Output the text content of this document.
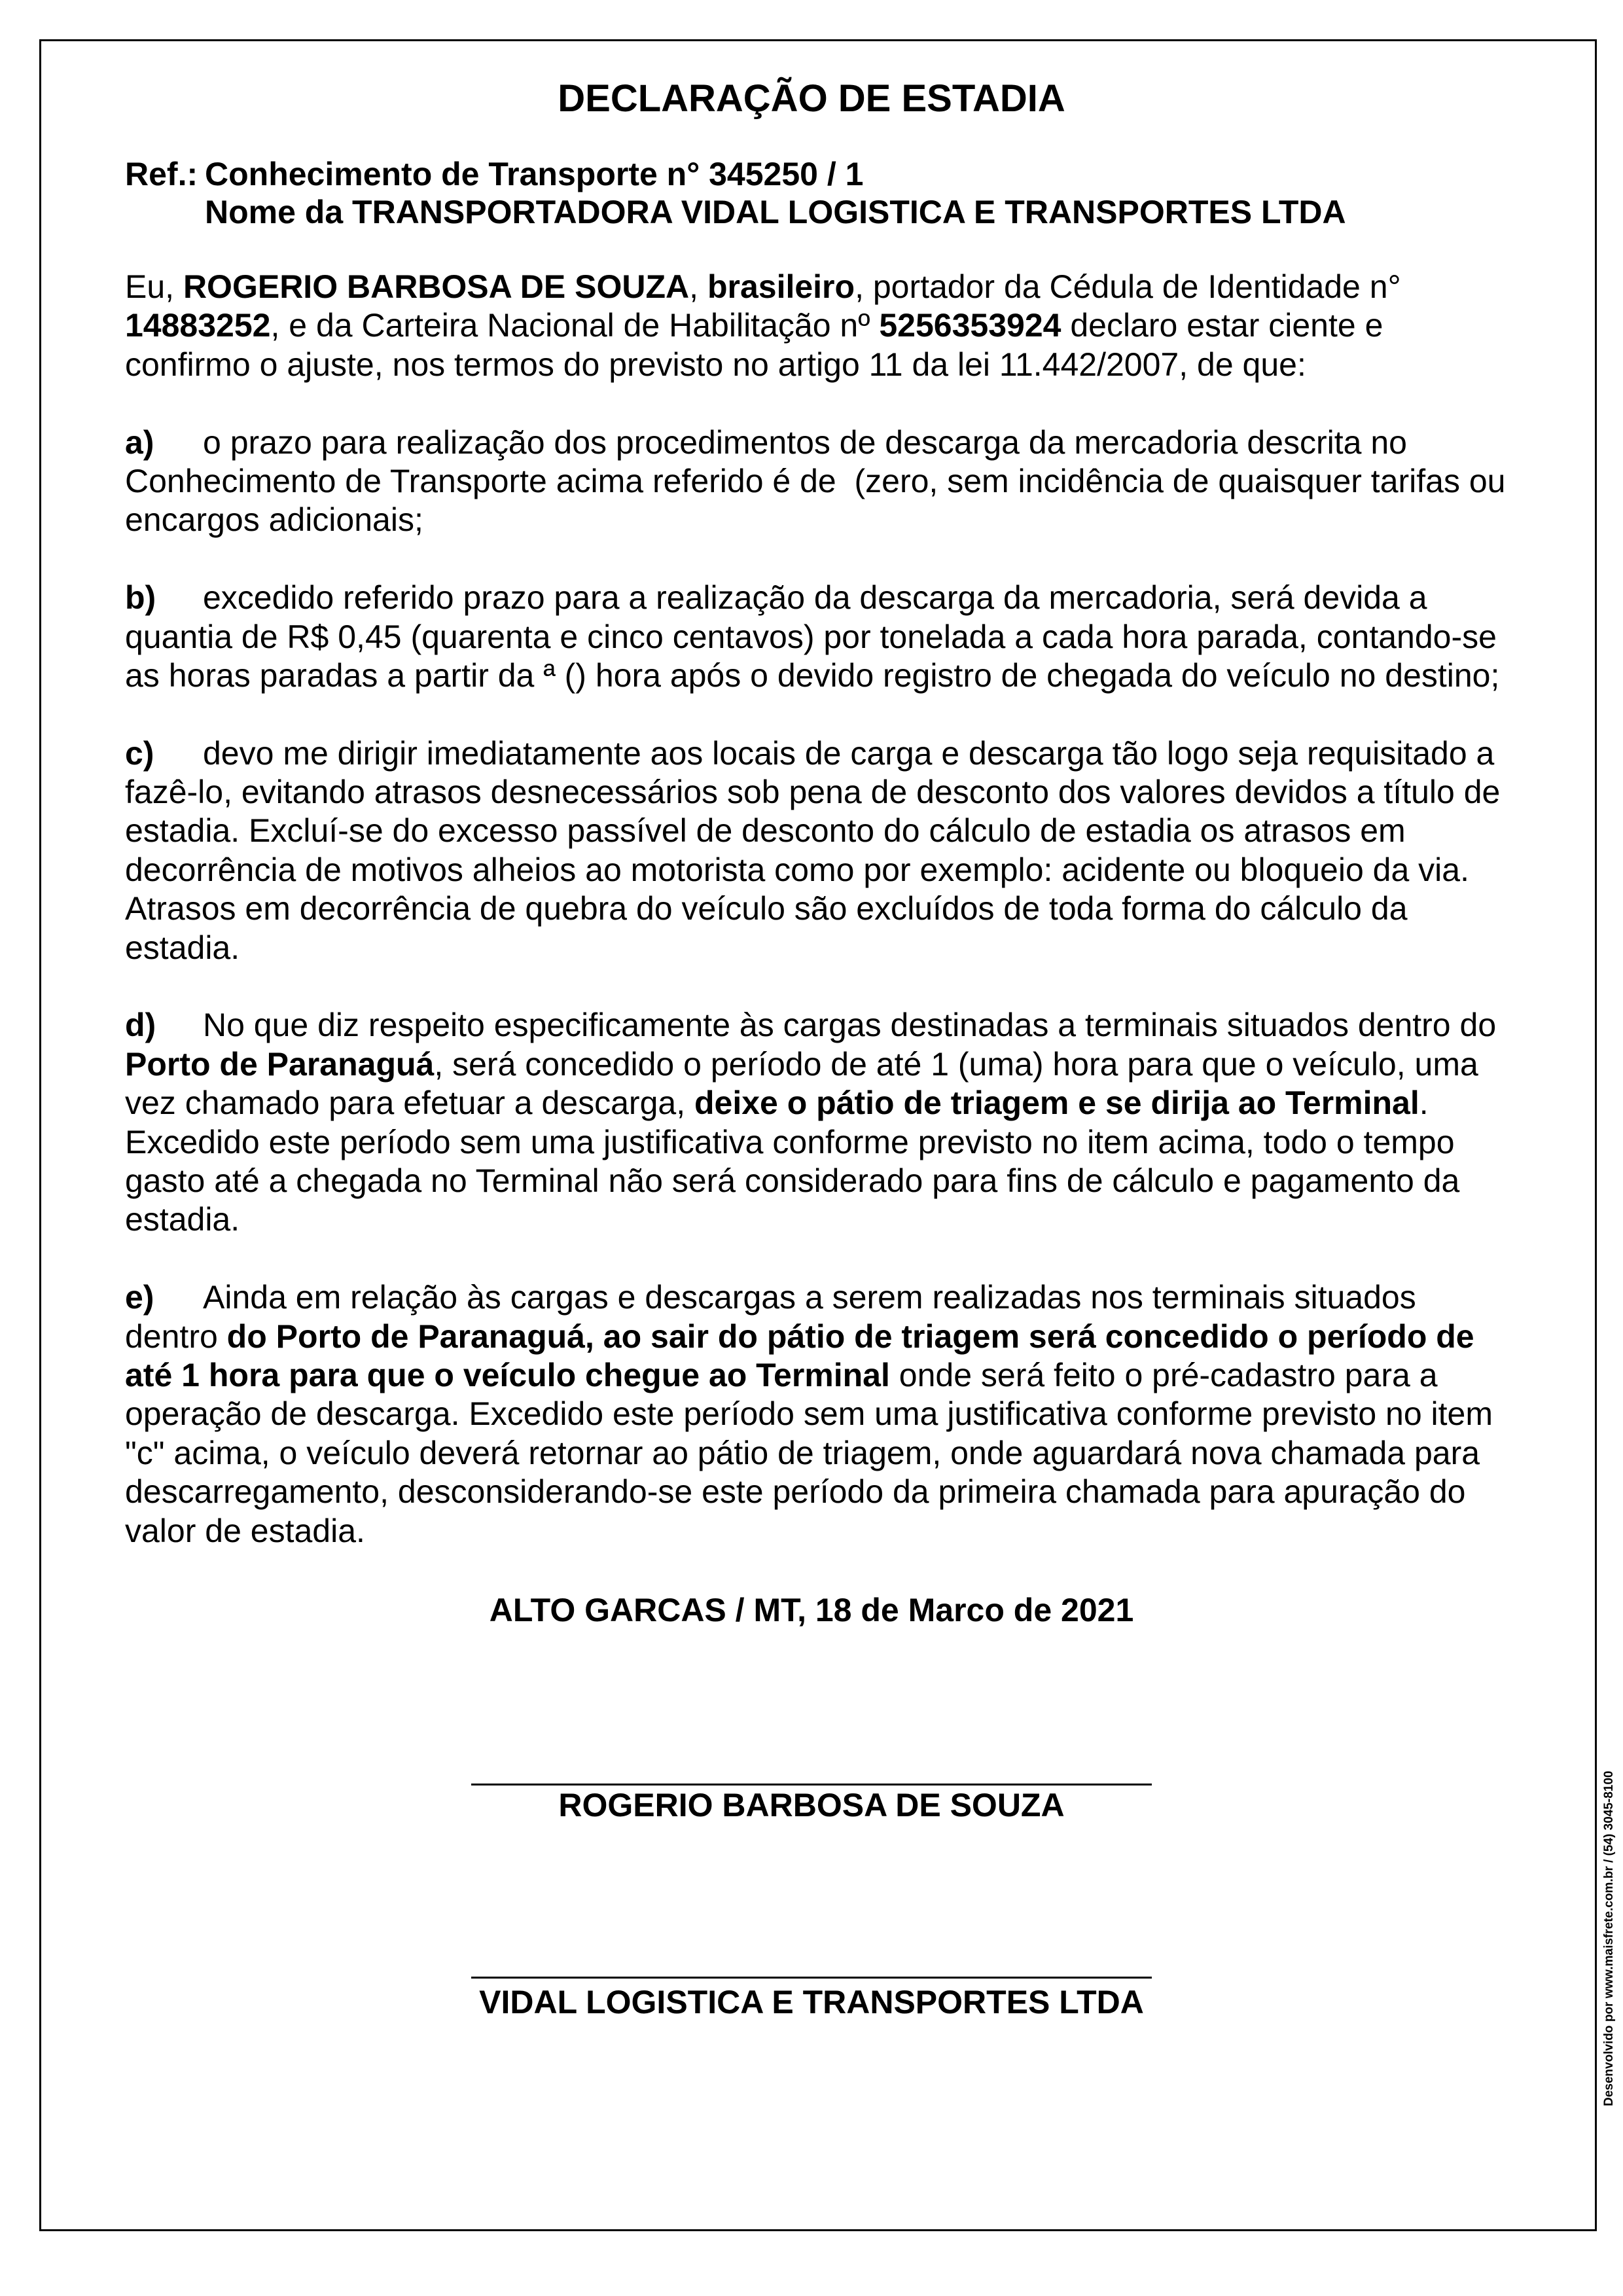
DECLARAÇÃO DE ESTADIA
Ref.: Conhecimento de Transporte n° 345250 / 1
Nome da TRANSPORTADORA VIDAL LOGISTICA E TRANSPORTES LTDA
Eu, ROGERIO BARBOSA DE SOUZA, brasileiro, portador da Cédula de Identidade n°
14883252, e da Carteira Nacional de Habilitação nº 5256353924 declaro estar ciente e
confirmo o ajuste, nos termos do previsto no artigo 11 da lei 11.442/2007, de que:
a) o prazo para realização dos procedimentos de descarga da mercadoria descrita no
Conhecimento de Transporte acima referido é de  (zero, sem incidência de quaisquer tarifas ou
encargos adicionais;
b) excedido referido prazo para a realização da descarga da mercadoria, será devida a
quantia de R$ 0,45 (quarenta e cinco centavos) por tonelada a cada hora parada, contando-se
as horas paradas a partir da ª () hora após o devido registro de chegada do veículo no destino;
c) devo me dirigir imediatamente aos locais de carga e descarga tão logo seja requisitado a
fazê-lo, evitando atrasos desnecessários sob pena de desconto dos valores devidos a título de
estadia. Excluí-se do excesso passível de desconto do cálculo de estadia os atrasos em
decorrência de motivos alheios ao motorista como por exemplo: acidente ou bloqueio da via.
Atrasos em decorrência de quebra do veículo são excluídos de toda forma do cálculo da
estadia.
d) No que diz respeito especificamente às cargas destinadas a terminais situados dentro do
Porto de Paranaguá, será concedido o período de até 1 (uma) hora para que o veículo, uma
vez chamado para efetuar a descarga, deixe o pátio de triagem e se dirija ao Terminal.
Excedido este período sem uma justificativa conforme previsto no item acima, todo o tempo
gasto até a chegada no Terminal não será considerado para fins de cálculo e pagamento da
estadia.
e) Ainda em relação às cargas e descargas a serem realizadas nos terminais situados
dentro do Porto de Paranaguá, ao sair do pátio de triagem será concedido o período de
até 1 hora para que o veículo chegue ao Terminal onde será feito o pré-cadastro para a
operação de descarga. Excedido este período sem uma justificativa conforme previsto no item
"c" acima, o veículo deverá retornar ao pátio de triagem, onde aguardará nova chamada para
descarregamento, desconsiderando-se este período da primeira chamada para apuração do
valor de estadia.
ALTO GARCAS / MT, 18 de Marco de 2021
ROGERIO BARBOSA DE SOUZA
VIDAL LOGISTICA E TRANSPORTES LTDA	Desenvolvido por www.maisfrete.com.br / (54) 3045-8100
